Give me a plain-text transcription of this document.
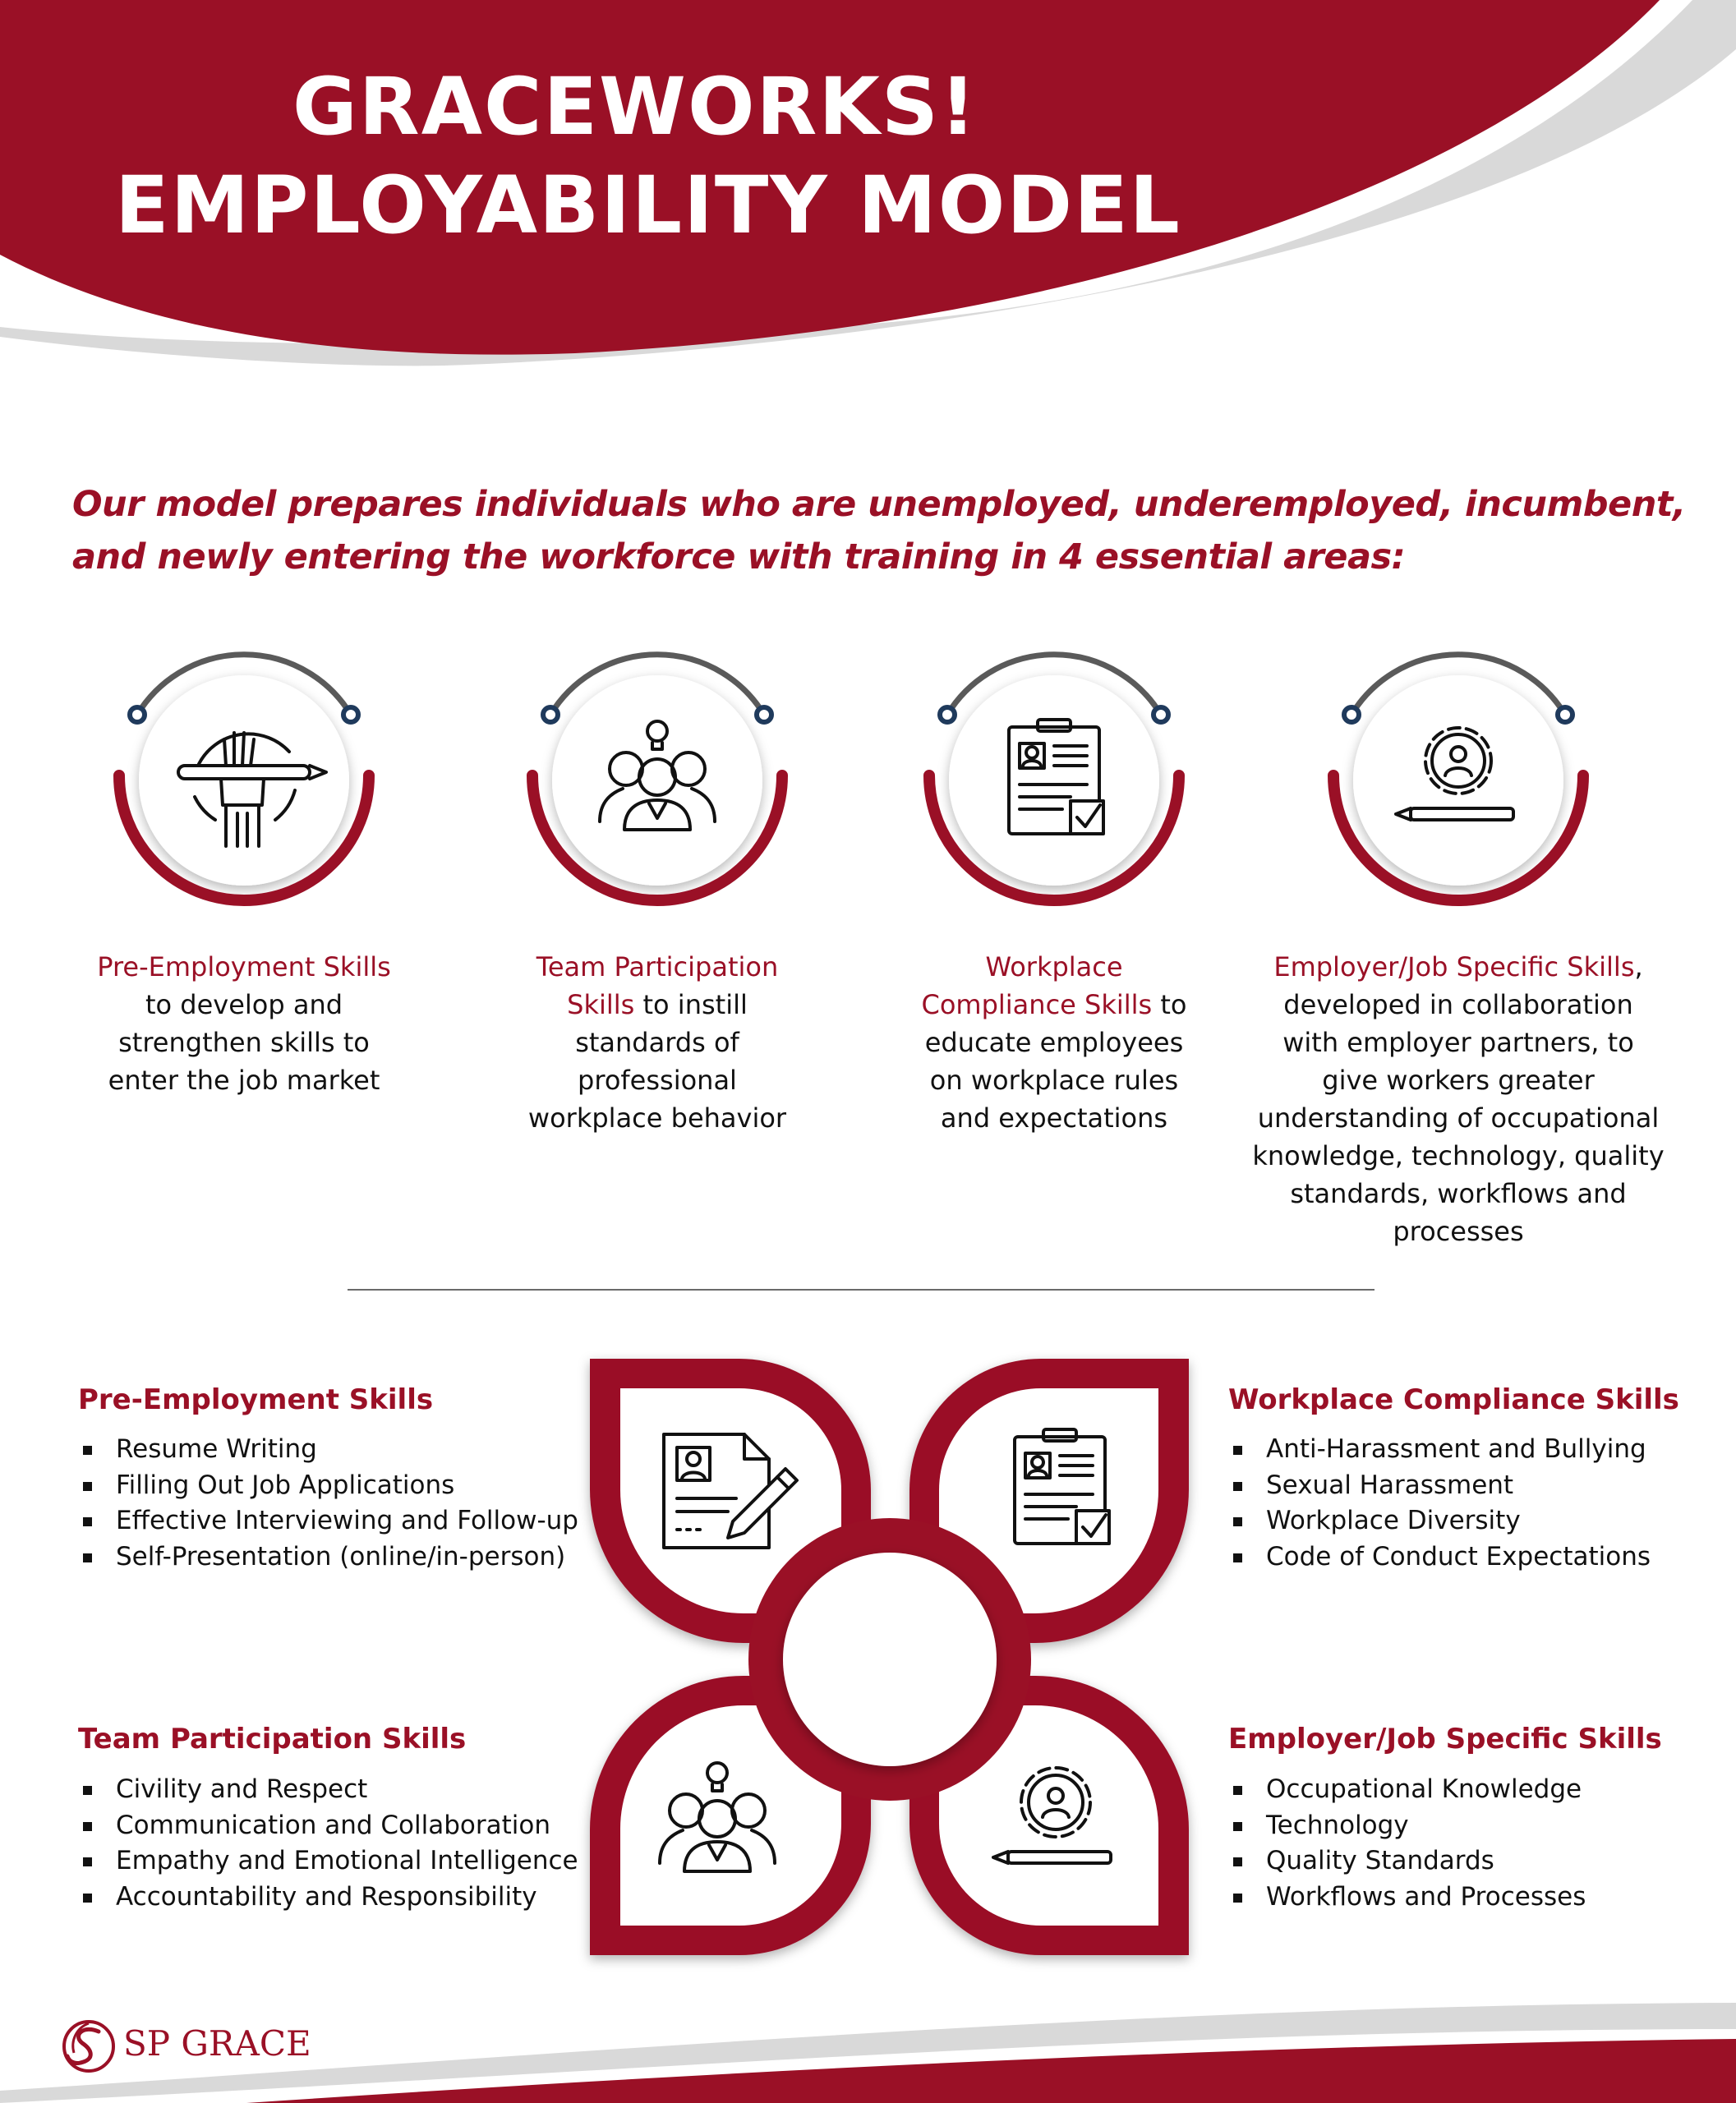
GRACEWORKS!
EMPLOYABILITY MODEL
Our model prepares individuals who are unemployed, underemployed, incumbent,
and newly entering the workforce with training in 4 essential areas:
Pre-Employment Skills
to develop and
strengthen skills to
enter the job market
Team Participation
Skills to instill
standards of
professional
workplace behavior
Workplace
Compliance Skills to
educate employees
on workplace rules
and expectations
Employer/Job Specific Skills,
developed in collaboration
with employer partners, to
give workers greater
understanding of occupational
knowledge, technology, quality
standards, workflows and
processes
Pre-Employment Skills
Resume Writing
Filling Out Job Applications
Effective Interviewing and Follow-up
Self-Presentation (online/in-person)
Workplace Compliance Skills
Anti-Harassment and Bullying
Sexual Harassment
Workplace Diversity
Code of Conduct Expectations
Team Participation Skills
Civility and Respect
Communication and Collaboration
Empathy and Emotional Intelligence
Accountability and Responsibility
Employer/Job Specific Skills
Occupational Knowledge
Technology
Quality Standards
Workflows and Processes
SP GRACE
